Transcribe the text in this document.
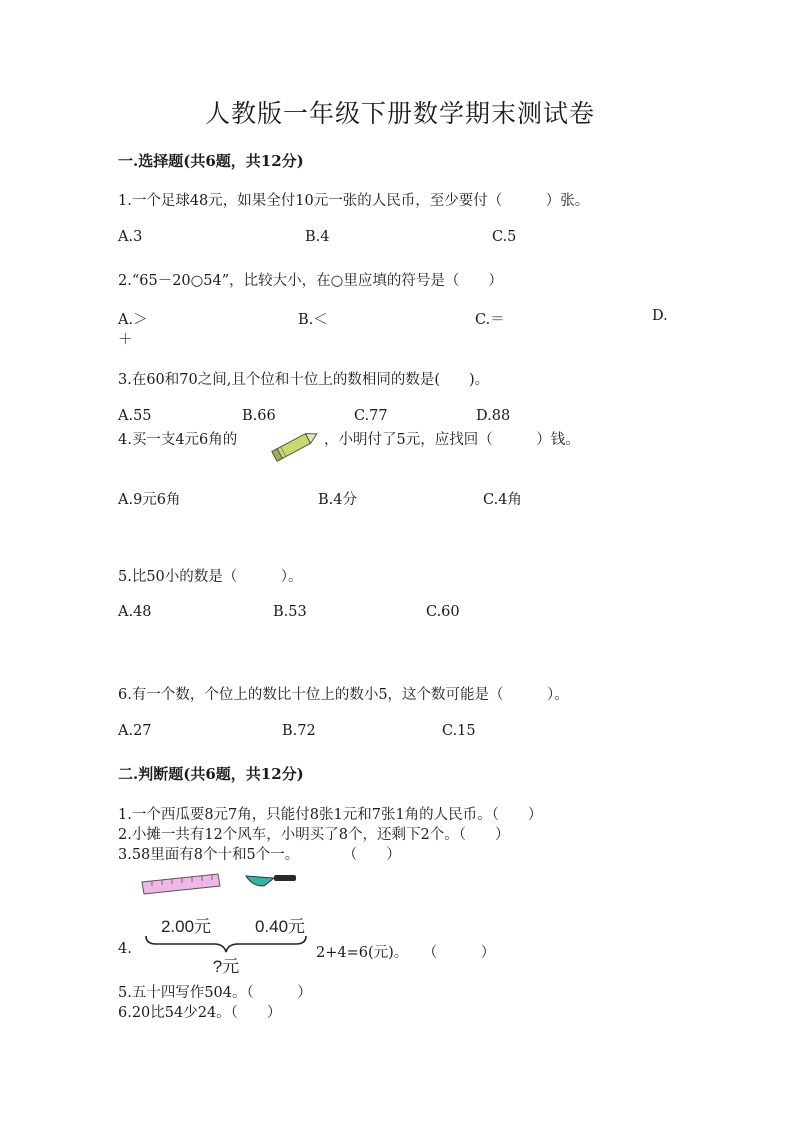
人教版一年级下册数学期末测试卷
一.选择题(共6题，共12分)
1.一个足球48元，如果全付10元一张的人民币，至少要付（　　　）张。
A.3	B.4	C.5
2.“65－20○54”，比较大小，在○里应填的符号是（　　）
A.＞	B.＜	C.＝	D.
＋
3.在60和70之间,且个位和十位上的数相同的数是(　　)。
A.55	B.66	C.77	D.88
4.买一支4元6角的	，小明付了5元，应找回（　　　）钱。
A.9元6角	B.4分	C.4角
5.比50小的数是（　　　）。
A.48	B.53	C.60
6.有一个数，个位上的数比十位上的数小5，这个数可能是（　　　）。
A.27	B.72	C.15
二.判断题(共6题，共12分)
1.一个西瓜要8元7角，只能付8张1元和7张1角的人民币。（　　）
2.小摊一共有12个风车，小明买了8个，还剩下2个。（　　）
3.58里面有8个十和5个一。　　　　（　　）
4.
2.00元	0.40元
?元
2+4=6(元)。　　（　　　）
5.五十四写作504。（　　　）
6.20比54少24。（　　）
